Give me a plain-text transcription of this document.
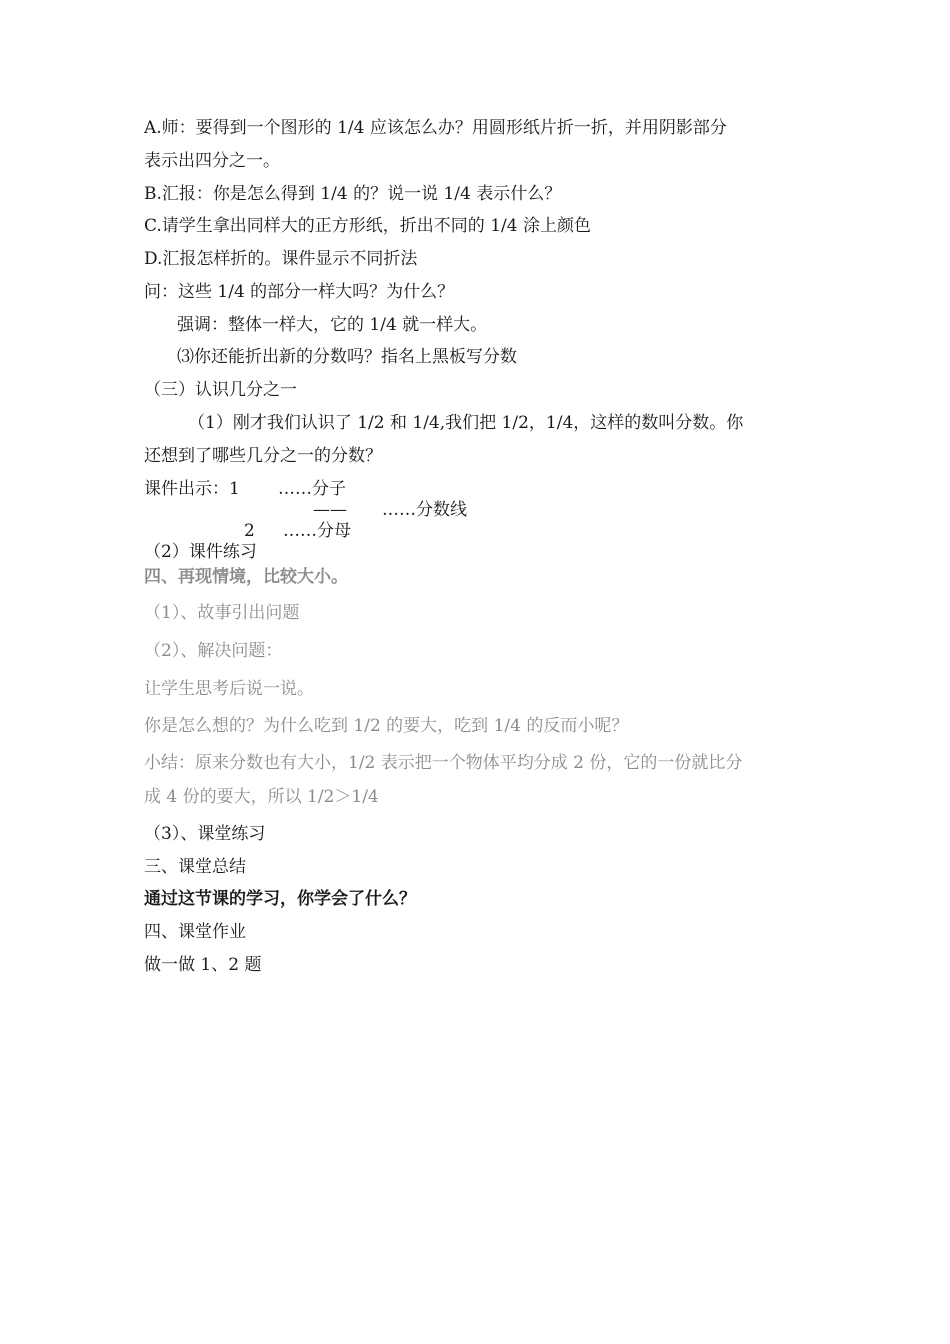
A.师：要得到一个图形的 1/4 应该怎么办？用圆形纸片折一折，并用阴影部分
表示出四分之一。
B.汇报：你是怎么得到 1/4 的？说一说 1/4 表示什么？
C.请学生拿出同样大的正方形纸，折出不同的 1/4 涂上颜色
D.汇报怎样折的。课件显示不同折法
问：这些 1/4 的部分一样大吗？为什么？
强调：整体一样大，它的 1/4 就一样大。
⑶你还能折出新的分数吗？指名上黑板写分数
（三）认识几分之一
（1）刚才我们认识了 1/2 和 1/4,我们把 1/2，1/4，这样的数叫分数。你
还想到了哪些几分之一的分数？
课件出示：1 ……分子
—— ……分数线
2 ……分母
（2）课件练习
四、再现情境，比较大小。
（1）、故事引出问题
（2）、解决问题：
让学生思考后说一说。
你是怎么想的？为什么吃到 1/2 的要大，吃到 1/4 的反而小呢？
小结：原来分数也有大小，1/2 表示把一个物体平均分成 2 份，它的一份就比分
成 4 份的要大，所以 1/2＞1/4
（3）、课堂练习
三、课堂总结
通过这节课的学习，你学会了什么？
四、课堂作业
做一做 1、2 题
